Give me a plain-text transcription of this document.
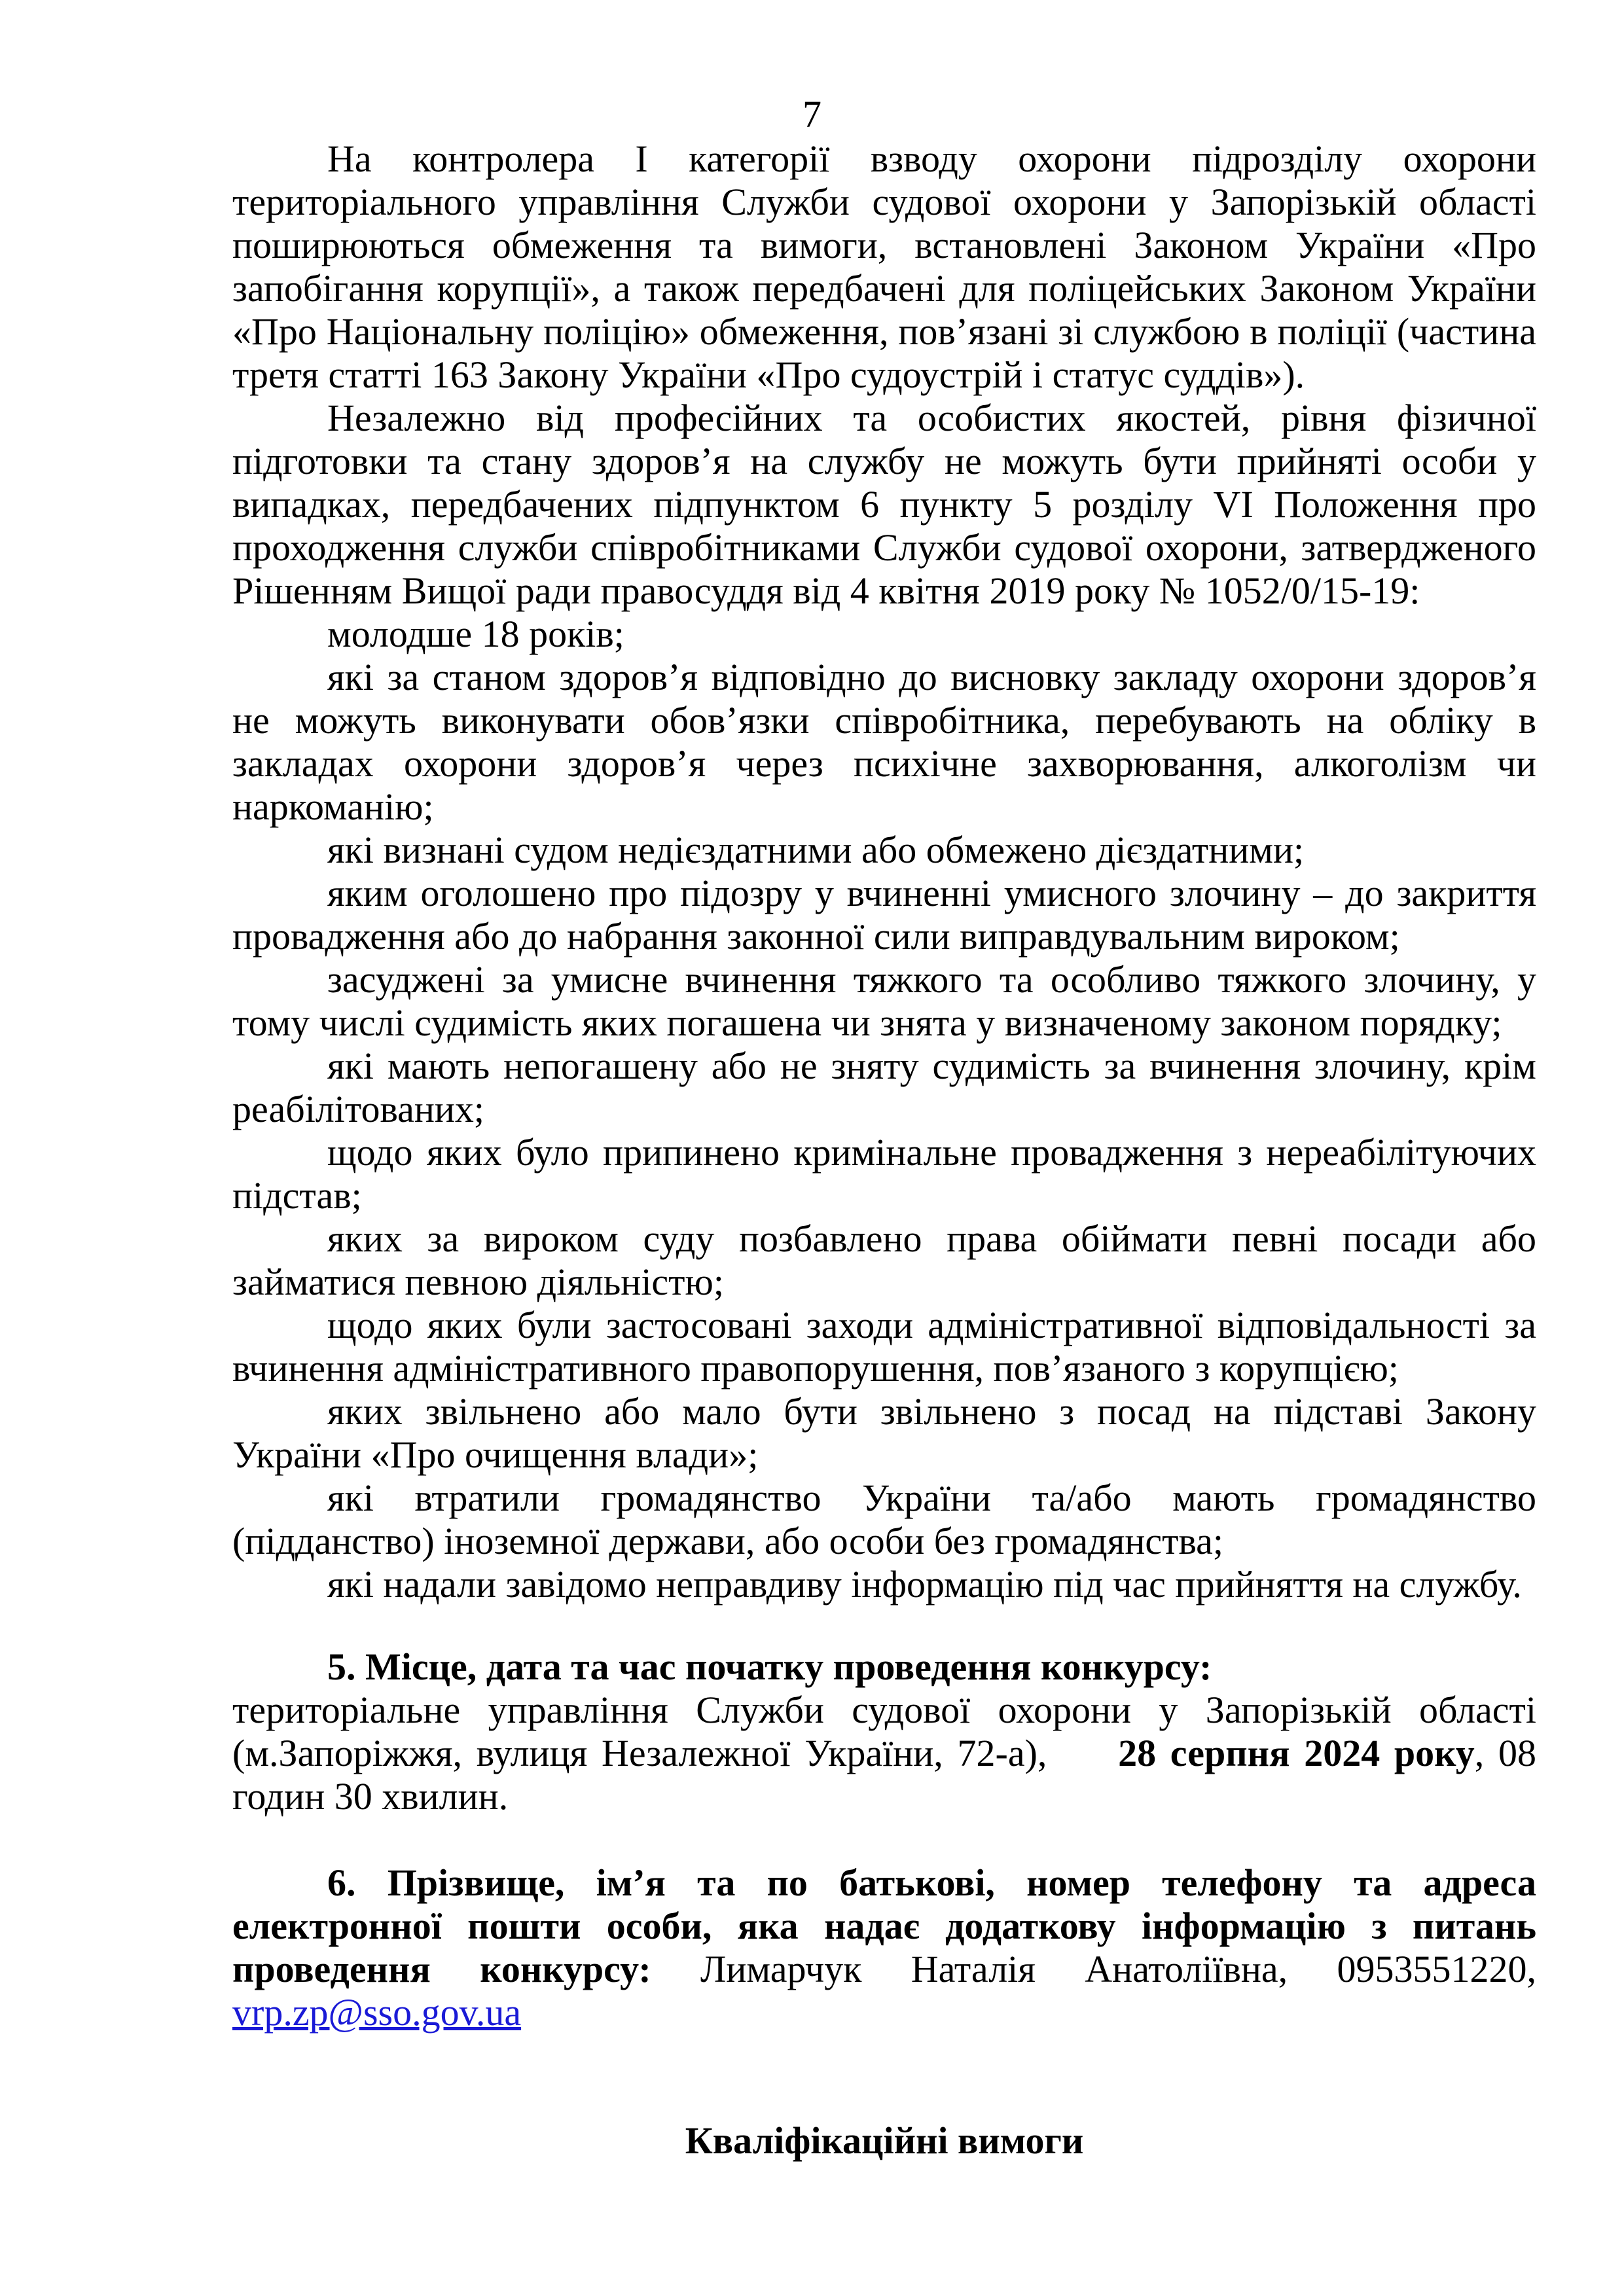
7

На контролера І категорії взводу охорони підрозділу охорони територіального управління Служби судової охорони у Запорізькій області поширюються обмеження та вимоги, встановлені Законом України «Про запобігання корупції», а також передбачені для поліцейських Законом України «Про Національну поліцію» обмеження, пов’язані зі службою в поліції (частина третя статті 163 Закону України «Про судоустрій і статус суддів»).

Незалежно від професійних та особистих якостей, рівня фізичної підготовки та стану здоров’я на службу не можуть бути прийняті особи у випадках, передбачених підпунктом 6 пункту 5 розділу VI Положення про проходження служби співробітниками Служби судової охорони, затвердженого Рішенням Вищої ради правосуддя від 4 квітня 2019 року № 1052/0/15-19:

молодше 18 років;

які за станом здоров’я відповідно до висновку закладу охорони здоров’я не можуть виконувати обов’язки співробітника, перебувають на обліку в закладах охорони здоров’я через психічне захворювання, алкоголізм чи наркоманію;

які визнані судом недієздатними або обмежено дієздатними;

яким оголошено про підозру у вчиненні умисного злочину – до закриття провадження або до набрання законної сили виправдувальним вироком;

засуджені за умисне вчинення тяжкого та особливо тяжкого злочину, у тому числі судимість яких погашена чи знята у визначеному законом порядку;

які мають непогашену або не зняту судимість за вчинення злочину, крім реабілітованих;

щодо яких було припинено кримінальне провадження з нереабілітуючих підстав;

яких за вироком суду позбавлено права обіймати певні посади або займатися певною діяльністю;

щодо яких були застосовані заходи адміністративної відповідальності за вчинення адміністративного правопорушення, пов’язаного з корупцією;

яких звільнено або мало бути звільнено з посад на підставі Закону України «Про очищення влади»;

які втратили громадянство України та/або мають громадянство (підданство) іноземної держави, або особи без громадянства;

які надали завідомо неправдиву інформацію під час прийняття на службу.

5. Місце, дата та час початку проведення конкурсу:

територіальне управління Служби судової охорони у Запорізькій області (м.Запоріжжя, вулиця Незалежної України, 72-а), 28 серпня 2024 року, 08 годин 30 хвилин.

6. Прізвище, ім’я та по батькові, номер телефону та адреса електронної пошти особи, яка надає додаткову інформацію з питань проведення конкурсу: Лимарчук Наталія Анатоліївна, 0953551220, vrp.zp@sso.gov.ua

Кваліфікаційні вимоги
